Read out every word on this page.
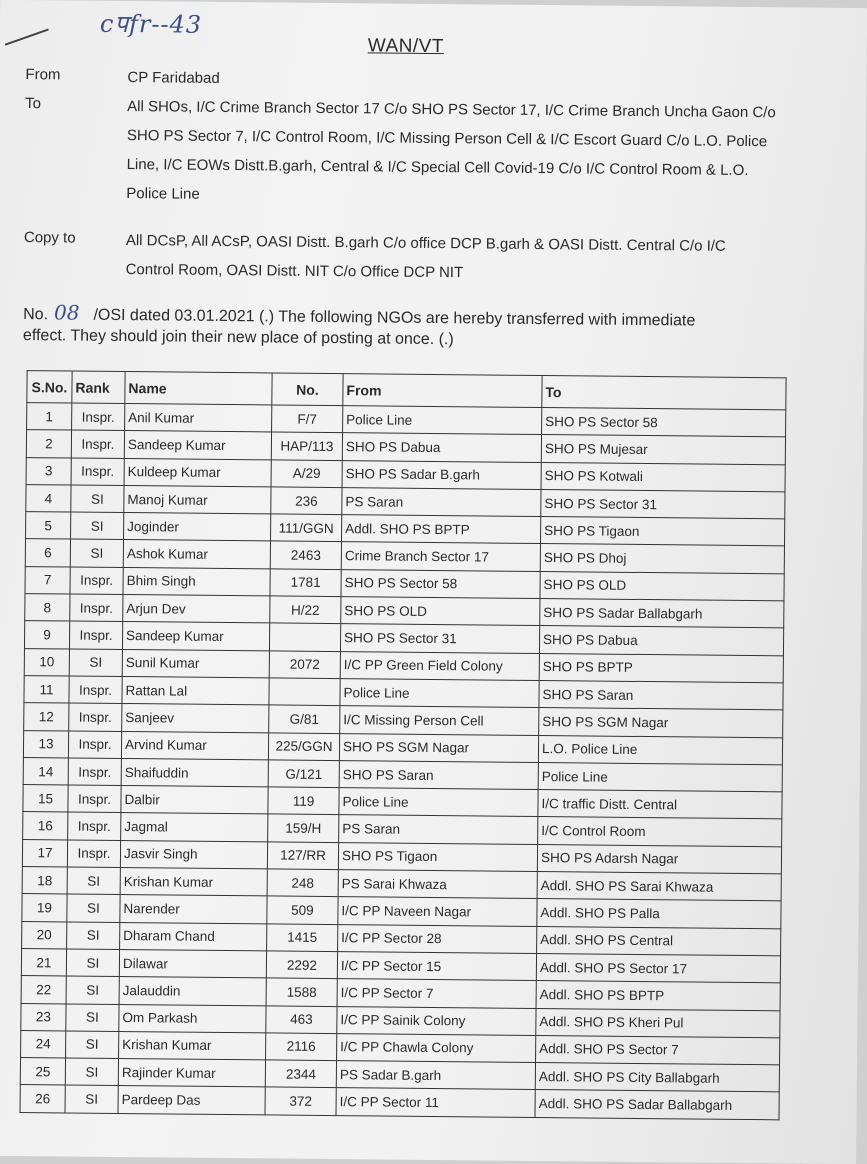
cपfr--43
WAN/VT
From	CP Faridabad
To	All SHOs, I/C Crime Branch Sector 17 C/o SHO PS Sector 17, I/C Crime Branch Uncha Gaon C/o
SHO PS Sector 7, I/C Control Room, I/C Missing Person Cell & I/C Escort Guard C/o L.O. Police
Line, I/C EOWs Distt.B.garh, Central & I/C Special Cell Covid-19 C/o I/C Control Room & L.O.
Police Line
Copy to	All DCsP, All ACsP, OASI Distt. B.garh C/o office DCP B.garh & OASI Distt. Central C/o I/C
Control Room, OASI Distt. NIT C/o Office DCP NIT
No. 08 /OSI dated 03.01.2021 (.) The following NGOs are hereby transferred with immediate
effect. They should join their new place of posting at once. (.)
S.No.	Rank	Name	No.	From	To
1	Inspr.	Anil Kumar	F/7	Police Line	SHO PS Sector 58
2	Inspr.	Sandeep Kumar	HAP/113	SHO PS Dabua	SHO PS Mujesar
3	Inspr.	Kuldeep Kumar	A/29	SHO PS Sadar B.garh	SHO PS Kotwali
4	SI	Manoj Kumar	236	PS Saran	SHO PS Sector 31
5	SI	Joginder	111/GGN	Addl. SHO PS BPTP	SHO PS Tigaon
6	SI	Ashok Kumar	2463	Crime Branch Sector 17	SHO PS Dhoj
7	Inspr.	Bhim Singh	1781	SHO PS Sector 58	SHO PS OLD
8	Inspr.	Arjun Dev	H/22	SHO PS OLD	SHO PS Sadar Ballabgarh
9	Inspr.	Sandeep Kumar		SHO PS Sector 31	SHO PS Dabua
10	SI	Sunil Kumar	2072	I/C PP Green Field Colony	SHO PS BPTP
11	Inspr.	Rattan Lal		Police Line	SHO PS Saran
12	Inspr.	Sanjeev	G/81	I/C Missing Person Cell	SHO PS SGM Nagar
13	Inspr.	Arvind Kumar	225/GGN	SHO PS SGM Nagar	L.O. Police Line
14	Inspr.	Shaifuddin	G/121	SHO PS Saran	Police Line
15	Inspr.	Dalbir	119	Police Line	I/C traffic Distt. Central
16	Inspr.	Jagmal	159/H	PS Saran	I/C Control Room
17	Inspr.	Jasvir Singh	127/RR	SHO PS Tigaon	SHO PS Adarsh Nagar
18	SI	Krishan Kumar	248	PS Sarai Khwaza	Addl. SHO PS Sarai Khwaza
19	SI	Narender	509	I/C PP Naveen Nagar	Addl. SHO PS Palla
20	SI	Dharam Chand	1415	I/C PP Sector 28	Addl. SHO PS Central
21	SI	Dilawar	2292	I/C PP Sector 15	Addl. SHO PS Sector 17
22	SI	Jalauddin	1588	I/C PP Sector 7	Addl. SHO PS BPTP
23	SI	Om Parkash	463	I/C PP Sainik Colony	Addl. SHO PS Kheri Pul
24	SI	Krishan Kumar	2116	I/C PP Chawla Colony	Addl. SHO PS Sector 7
25	SI	Rajinder Kumar	2344	PS Sadar B.garh	Addl. SHO PS City Ballabgarh
26	SI	Pardeep Das	372	I/C PP Sector 11	Addl. SHO PS Sadar Ballabgarh
